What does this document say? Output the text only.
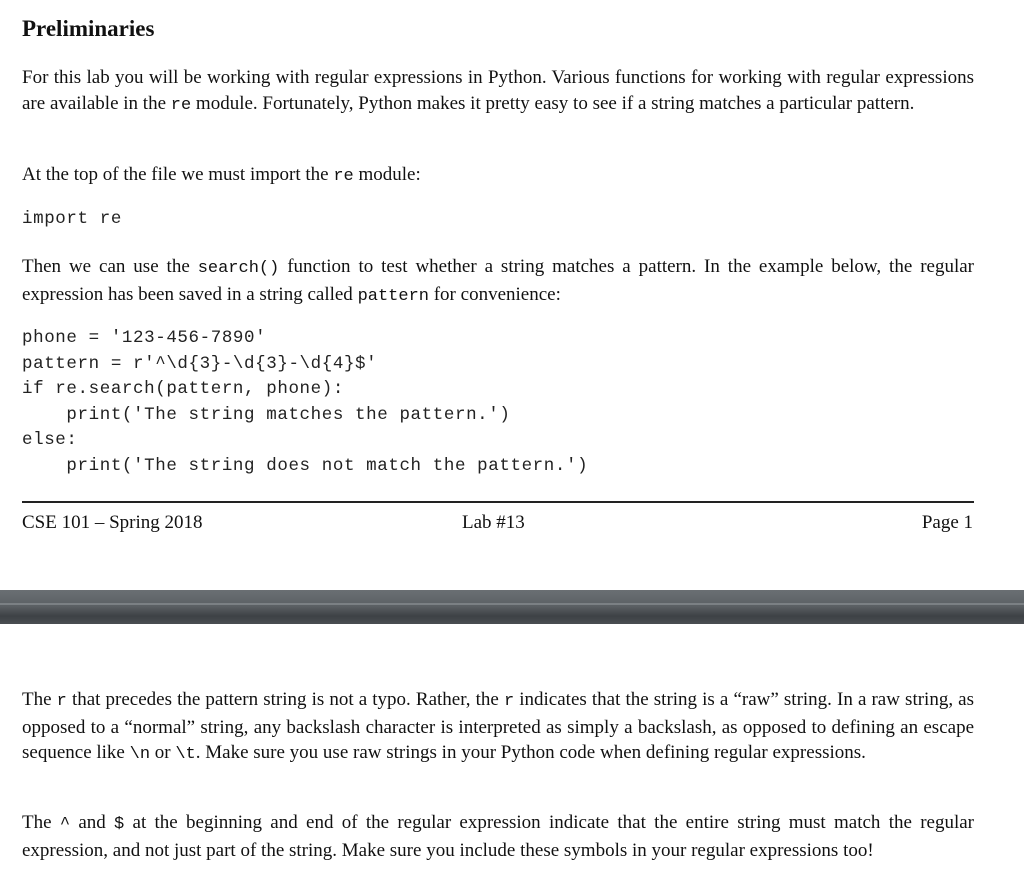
Preliminaries

For this lab you will be working with regular expressions in Python. Various functions for working with regular expressions are available in the re module. Fortunately, Python makes it pretty easy to see if a string matches a particular pattern.

At the top of the file we must import the re module:

import re

Then we can use the search() function to test whether a string matches a pattern. In the example below, the regular expression has been saved in a string called pattern for convenience:

phone = '123-456-7890'
pattern = r'^\d{3}-\d{3}-\d{4}$'
if re.search(pattern, phone):
print('The string matches the pattern.')
else:
print('The string does not match the pattern.')
CSE 101 – Spring 2018	Lab #13	Page 1

The r that precedes the pattern string is not a typo. Rather, the r indicates that the string is a “raw” string. In a raw string, as opposed to a “normal” string, any backslash character is interpreted as simply a backslash, as opposed to defining an escape sequence like \n or \t. Make sure you use raw strings in your Python code when defining regular expressions.

The ^ and $ at the beginning and end of the regular expression indicate that the entire string must match the regular expression, and not just part of the string. Make sure you include these symbols in your regular expressions too!
